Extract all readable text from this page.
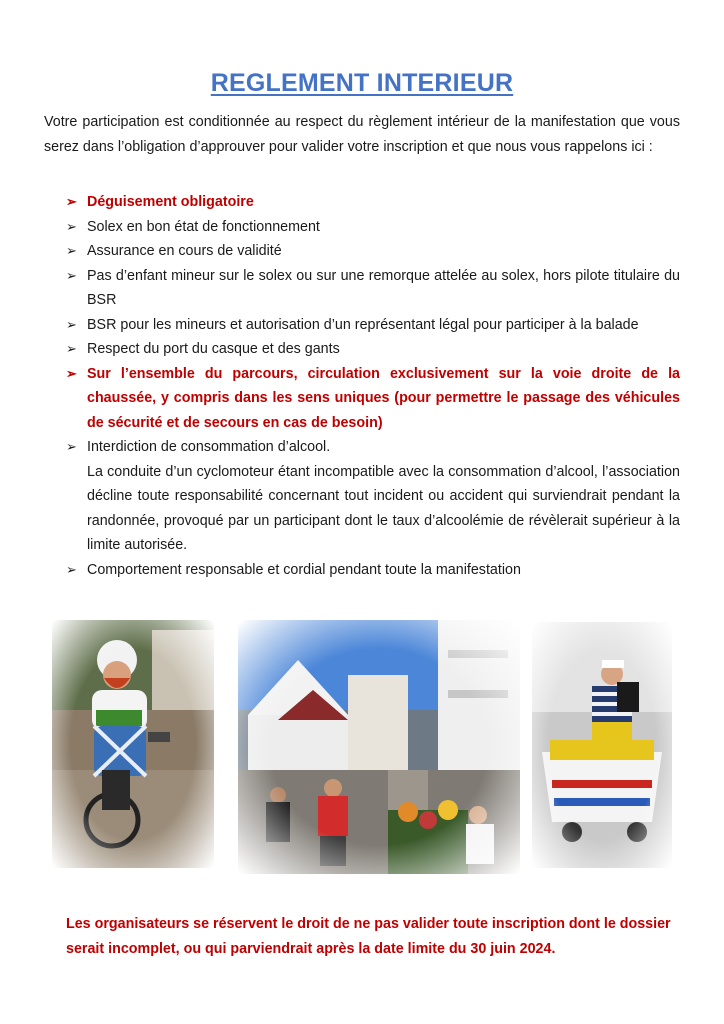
REGLEMENT INTERIEUR

Votre participation est conditionnée au respect du règlement intérieur de la manifestation que vous serez dans l’obligation d’approuver pour valider votre inscription et que nous vous rappelons ici :

➢ Déguisement obligatoire
➢ Solex en bon état de fonctionnement
➢ Assurance en cours de validité
➢ Pas d’enfant mineur sur le solex ou sur une remorque attelée au solex, hors pilote titulaire du BSR
➢ BSR pour les mineurs et autorisation d’un représentant légal pour participer à la balade
➢ Respect du port du casque et des gants
➢ Sur l’ensemble du parcours, circulation exclusivement sur la voie droite de la chaussée, y compris dans les sens uniques (pour permettre le passage des véhicules de sécurité et de secours en cas de besoin)
➢ Interdiction de consommation d’alcool.
La conduite d’un cyclomoteur étant incompatible avec la consommation d’alcool, l’association décline toute responsabilité concernant tout incident ou accident qui surviendrait pendant la randonnée, provoqué par un participant dont le taux d’alcoolémie de révèlerait supérieur à la limite autorisée.
➢ Comportement responsable et cordial pendant toute la manifestation

Les organisateurs se réservent le droit de ne pas valider toute inscription dont le dossier serait incomplet, ou qui parviendrait après la date limite du 30 juin 2024.
